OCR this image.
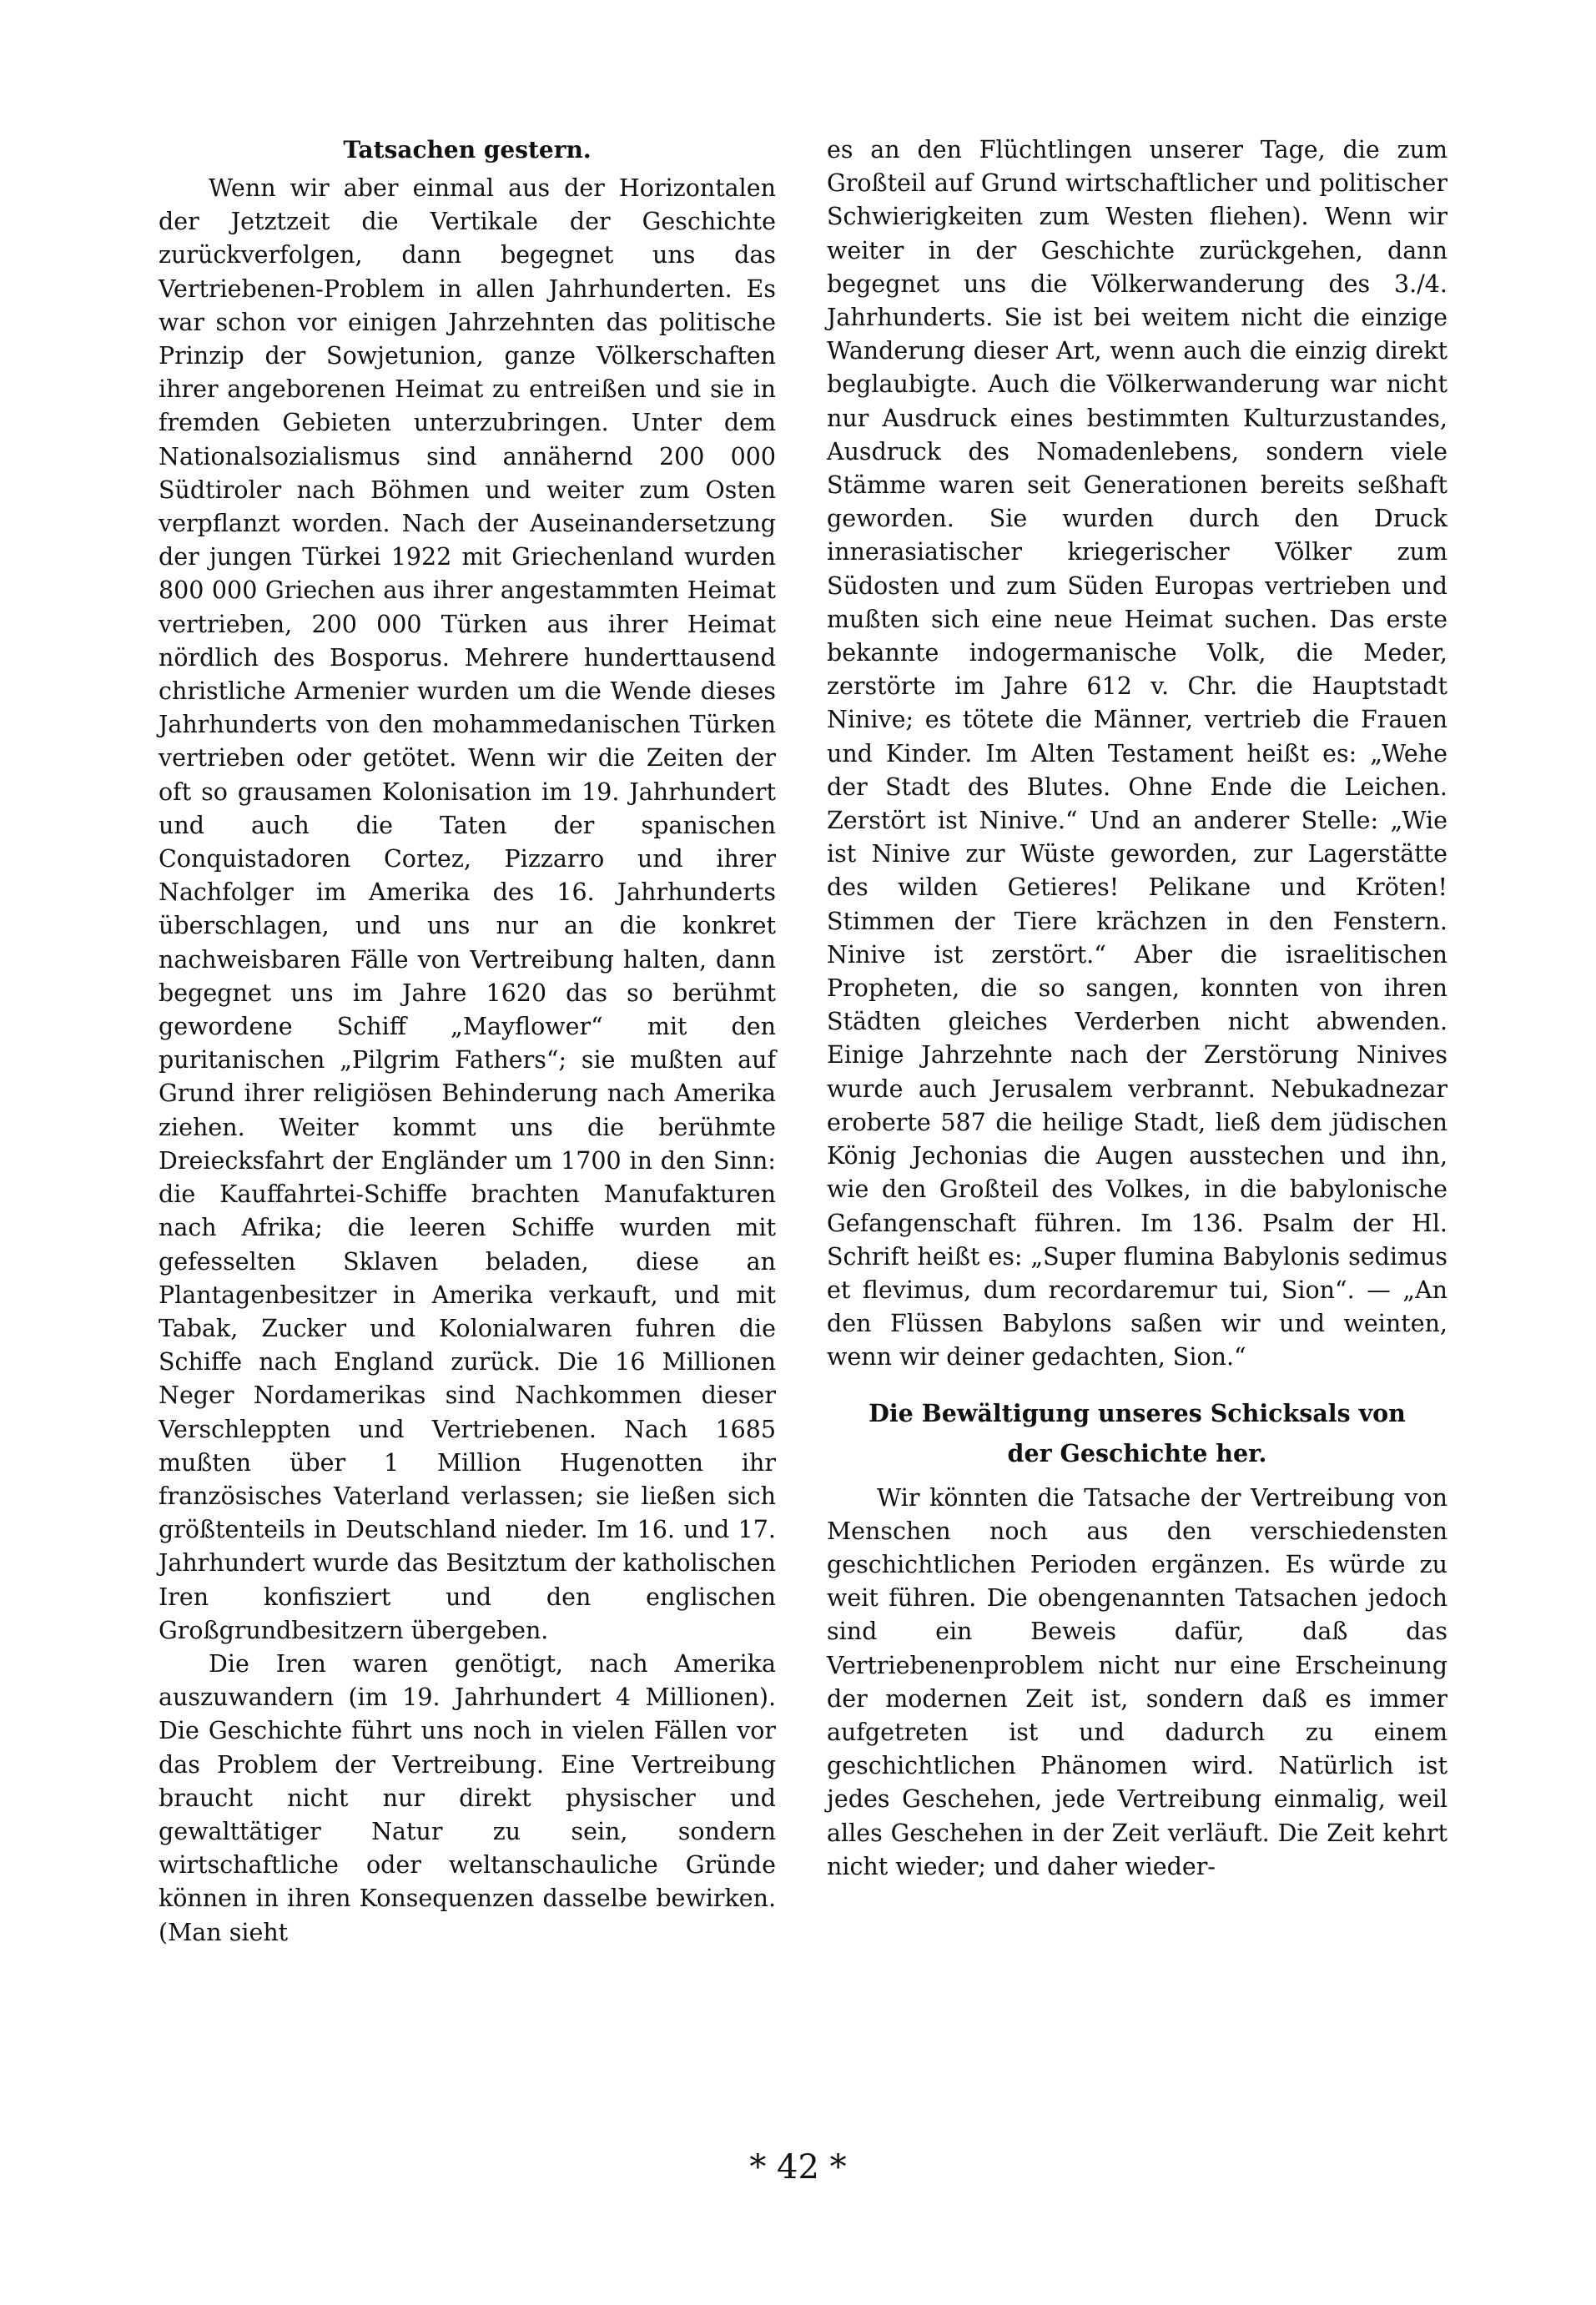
Tatsachen gestern.

Wenn wir aber einmal aus der Horizontalen der Jetztzeit die Vertikale der Geschichte zurückverfolgen, dann begegnet uns das Vertriebenen-Problem in allen Jahrhunderten. Es war schon vor einigen Jahrzehnten das politische Prinzip der Sowjetunion, ganze Völkerschaften ihrer angeborenen Heimat zu entreißen und sie in fremden Gebieten unterzubringen. Unter dem Nationalsozialismus sind annähernd 200 000 Südtiroler nach Böhmen und weiter zum Osten verpflanzt worden. Nach der Auseinandersetzung der jungen Türkei 1922 mit Griechenland wurden 800 000 Griechen aus ihrer angestammten Heimat vertrieben, 200 000 Türken aus ihrer Heimat nördlich des Bosporus. Mehrere hunderttausend christliche Armenier wurden um die Wende dieses Jahrhunderts von den mohammedanischen Türken vertrieben oder getötet. Wenn wir die Zeiten der oft so grausamen Kolonisation im 19. Jahrhundert und auch die Taten der spanischen Conquistadoren Cortez, Pizzarro und ihrer Nachfolger im Amerika des 16. Jahrhunderts überschlagen, und uns nur an die konkret nachweisbaren Fälle von Vertreibung halten, dann begegnet uns im Jahre 1620 das so berühmt gewordene Schiff „Mayflower“ mit den puritanischen „Pilgrim Fathers“; sie mußten auf Grund ihrer religiösen Behinderung nach Amerika ziehen. Weiter kommt uns die berühmte Dreiecksfahrt der Engländer um 1700 in den Sinn: die Kauffahrtei-Schiffe brachten Manufakturen nach Afrika; die leeren Schiffe wurden mit gefesselten Sklaven beladen, diese an Plantagenbesitzer in Amerika verkauft, und mit Tabak, Zucker und Kolonialwaren fuhren die Schiffe nach England zurück. Die 16 Millionen Neger Nordamerikas sind Nachkommen dieser Verschleppten und Vertriebenen. Nach 1685 mußten über 1 Million Hugenotten ihr französisches Vaterland verlassen; sie ließen sich größtenteils in Deutschland nieder. Im 16. und 17. Jahrhundert wurde das Besitztum der katholischen Iren konfisziert und den englischen Großgrundbesitzern übergeben.

Die Iren waren genötigt, nach Amerika auszuwandern (im 19. Jahrhundert 4 Millionen). Die Geschichte führt uns noch in vielen Fällen vor das Problem der Vertreibung. Eine Vertreibung braucht nicht nur direkt physischer und gewalttätiger Natur zu sein, sondern wirtschaftliche oder weltanschauliche Gründe können in ihren Konsequenzen dasselbe bewirken. (Man sieht

es an den Flüchtlingen unserer Tage, die zum Großteil auf Grund wirtschaftlicher und politischer Schwierigkeiten zum Westen fliehen). Wenn wir weiter in der Geschichte zurückgehen, dann begegnet uns die Völkerwanderung des 3./4. Jahrhunderts. Sie ist bei weitem nicht die einzige Wanderung dieser Art, wenn auch die einzig direkt beglaubigte. Auch die Völkerwanderung war nicht nur Ausdruck eines bestimmten Kulturzustandes, Ausdruck des Nomadenlebens, sondern viele Stämme waren seit Generationen bereits seßhaft geworden. Sie wurden durch den Druck innerasiatischer kriegerischer Völker zum Südosten und zum Süden Europas vertrieben und mußten sich eine neue Heimat suchen. Das erste bekannte indogermanische Volk, die Meder, zerstörte im Jahre 612 v. Chr. die Hauptstadt Ninive; es tötete die Männer, vertrieb die Frauen und Kinder. Im Alten Testament heißt es: „Wehe der Stadt des Blutes. Ohne Ende die Leichen. Zerstört ist Ninive.“ Und an anderer Stelle: „Wie ist Ninive zur Wüste geworden, zur Lagerstätte des wilden Getieres! Pelikane und Kröten! Stimmen der Tiere krächzen in den Fenstern. Ninive ist zerstört.“ Aber die israelitischen Propheten, die so sangen, konnten von ihren Städten gleiches Verderben nicht abwenden. Einige Jahrzehnte nach der Zerstörung Ninives wurde auch Jerusalem verbrannt. Nebukadnezar eroberte 587 die heilige Stadt, ließ dem jüdischen König Jechonias die Augen ausstechen und ihn, wie den Großteil des Volkes, in die babylonische Gefangenschaft führen. Im 136. Psalm der Hl. Schrift heißt es: „Super flumina Babylonis sedimus et flevimus, dum recordaremur tui, Sion“. — „An den Flüssen Babylons saßen wir und weinten, wenn wir deiner gedachten, Sion.“

Die Bewältigung unseres Schicksals von
der Geschichte her.

Wir könnten die Tatsache der Vertreibung von Menschen noch aus den verschiedensten geschichtlichen Perioden ergänzen. Es würde zu weit führen. Die obengenannten Tatsachen jedoch sind ein Beweis dafür, daß das Vertriebenenproblem nicht nur eine Erscheinung der modernen Zeit ist, sondern daß es immer aufgetreten ist und dadurch zu einem geschichtlichen Phänomen wird. Natürlich ist jedes Geschehen, jede Vertreibung einmalig, weil alles Geschehen in der Zeit verläuft. Die Zeit kehrt nicht wieder; und daher wieder-

* 42 *
